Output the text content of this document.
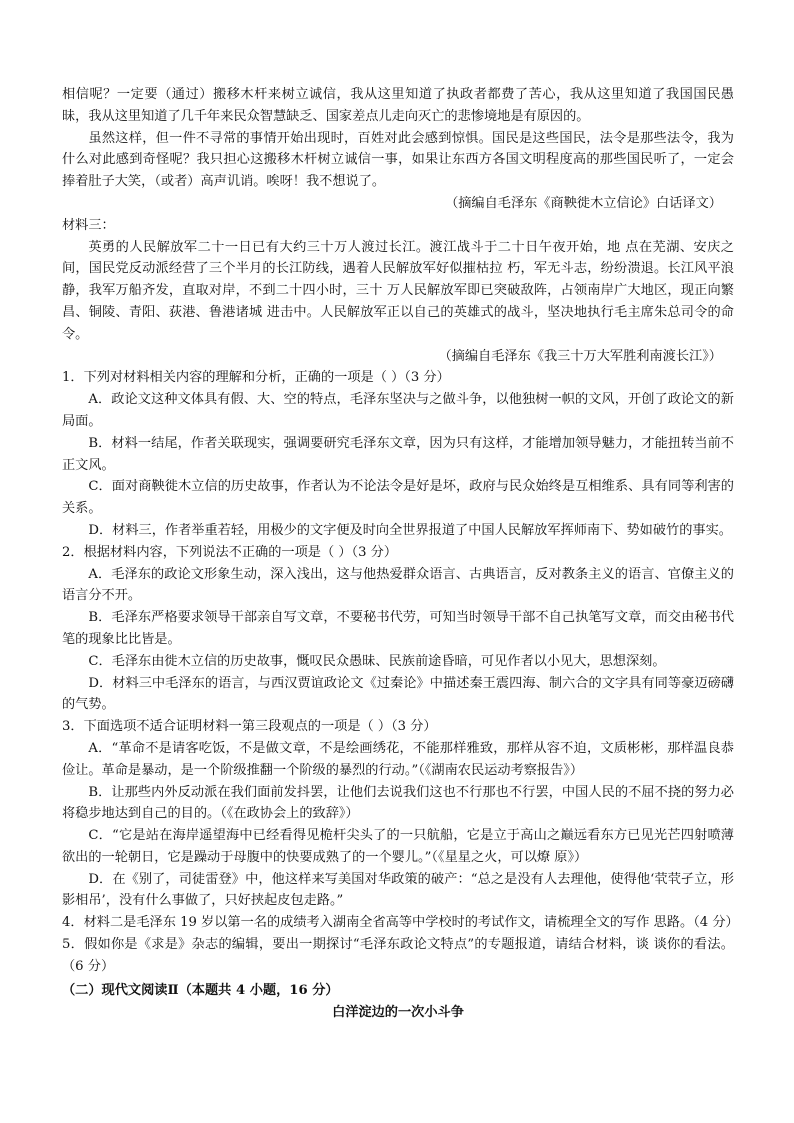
相信呢？一定要（通过）搬移木杆来树立诚信，我从这里知道了执政者都费了苦心，我从这里知道了我国国民愚昧，我从这里知道了几千年来民众智慧缺乏、国家差点儿走向灭亡的悲惨境地是有原因的。

虽然这样，但一件不寻常的事情开始出现时，百姓对此会感到惊惧。国民是这些国民，法令是那些法令，我为什么对此感到奇怪呢？我只担心这搬移木杆树立诚信一事，如果让东西方各国文明程度高的那些国民听了，一定会捧着肚子大笑，（或者）高声讥诮。唉呀！我不想说了。

（摘编自毛泽东《商鞅徙木立信论》白话译文）

材料三：

英勇的人民解放军二十一日已有大约三十万人渡过长江。渡江战斗于二十日午夜开始，地 点在芜湖、安庆之间，国民党反动派经营了三个半月的长江防线，遇着人民解放军好似摧枯拉 朽，军无斗志，纷纷溃退。长江风平浪静，我军万船齐发，直取对岸，不到二十四小时，三十 万人民解放军即已突破敌阵，占领南岸广大地区，现正向繁昌、铜陵、青阳、荻港、鲁港诸城 进击中。人民解放军正以自己的英雄式的战斗，坚决地执行毛主席朱总司令的命令。

（摘编自毛泽东《我三十万大军胜利南渡长江》）

1．下列对材料相关内容的理解和分析，正确的一项是（ ）（3 分）

A．政论文这种文体具有假、大、空的特点，毛泽东坚决与之做斗争，以他独树一帜的文风，开创了政论文的新局面。

B．材料一结尾，作者关联现实，强调要研究毛泽东文章，因为只有这样，才能增加领导魅力，才能扭转当前不正文风。

C．面对商鞅徙木立信的历史故事，作者认为不论法令是好是坏，政府与民众始终是互相维系、具有同等利害的关系。

D．材料三，作者举重若轻，用极少的文字便及时向全世界报道了中国人民解放军挥师南下、势如破竹的事实。

2．根据材料内容，下列说法不正确的一项是（ ）（3 分）

A．毛泽东的政论文形象生动，深入浅出，这与他热爱群众语言、古典语言，反对教条主义的语言、官僚主义的语言分不开。

B．毛泽东严格要求领导干部亲自写文章，不要秘书代劳，可知当时领导干部不自己执笔写文章，而交由秘书代笔的现象比比皆是。

C．毛泽东由徙木立信的历史故事，慨叹民众愚昧、民族前途昏暗，可见作者以小见大，思想深刻。

D．材料三中毛泽东的语言，与西汉贾谊政论文《过秦论》中描述秦王震四海、制六合的文字具有同等豪迈磅礴的气势。

3．下面选项不适合证明材料一第三段观点的一项是（ ）（3 分）

A．“革命不是请客吃饭，不是做文章，不是绘画绣花，不能那样雅致，那样从容不迫，文质彬彬，那样温良恭俭让。革命是暴动，是一个阶级推翻一个阶级的暴烈的行动。”（《湖南农民运动考察报告》）

B．让那些内外反动派在我们面前发抖罢，让他们去说我们这也不行那也不行罢，中国人民的不屈不挠的努力必将稳步地达到自己的目的。（《在政协会上的致辞》）

C．“它是站在海岸遥望海中已经看得见桅杆尖头了的一只航船，它是立于高山之巅远看东方已见光芒四射喷薄欲出的一轮朝日，它是躁动于母腹中的快要成熟了的一个婴儿。”（《星星之火，可以燎 原》）

D．在《别了，司徒雷登》中，他这样来写美国对华政策的破产：“总之是没有人去理他，使得他‘茕茕孑立，形影相吊’，没有什么事做了，只好挟起皮包走路。”

4．材料二是毛泽东 19 岁以第一名的成绩考入湖南全省高等中学校时的考试作文，请梳理全文的写作 思路。（4 分）

5．假如你是《求是》杂志的编辑，要出一期探讨“毛泽东政论文特点”的专题报道，请结合材料，谈 谈你的看法。（6 分）

（二）现代文阅读Ⅱ（本题共 4 小题，16 分）

白洋淀边的一次小斗争
